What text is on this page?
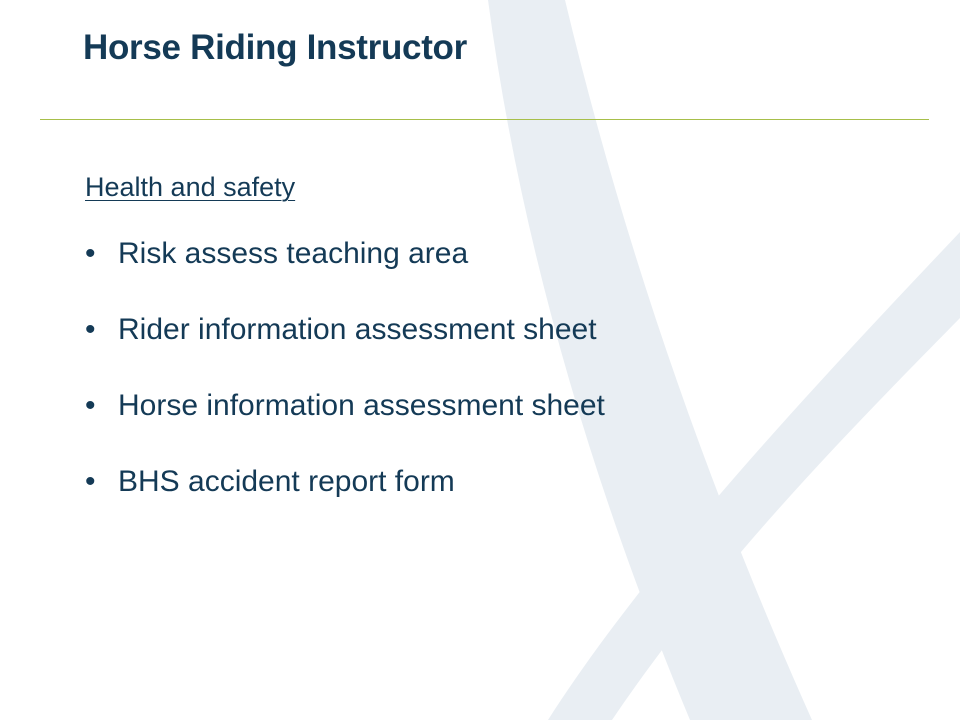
Horse Riding Instructor
Health and safety
• Risk assess teaching area
• Rider information assessment sheet
• Horse information assessment sheet
• BHS accident report form
